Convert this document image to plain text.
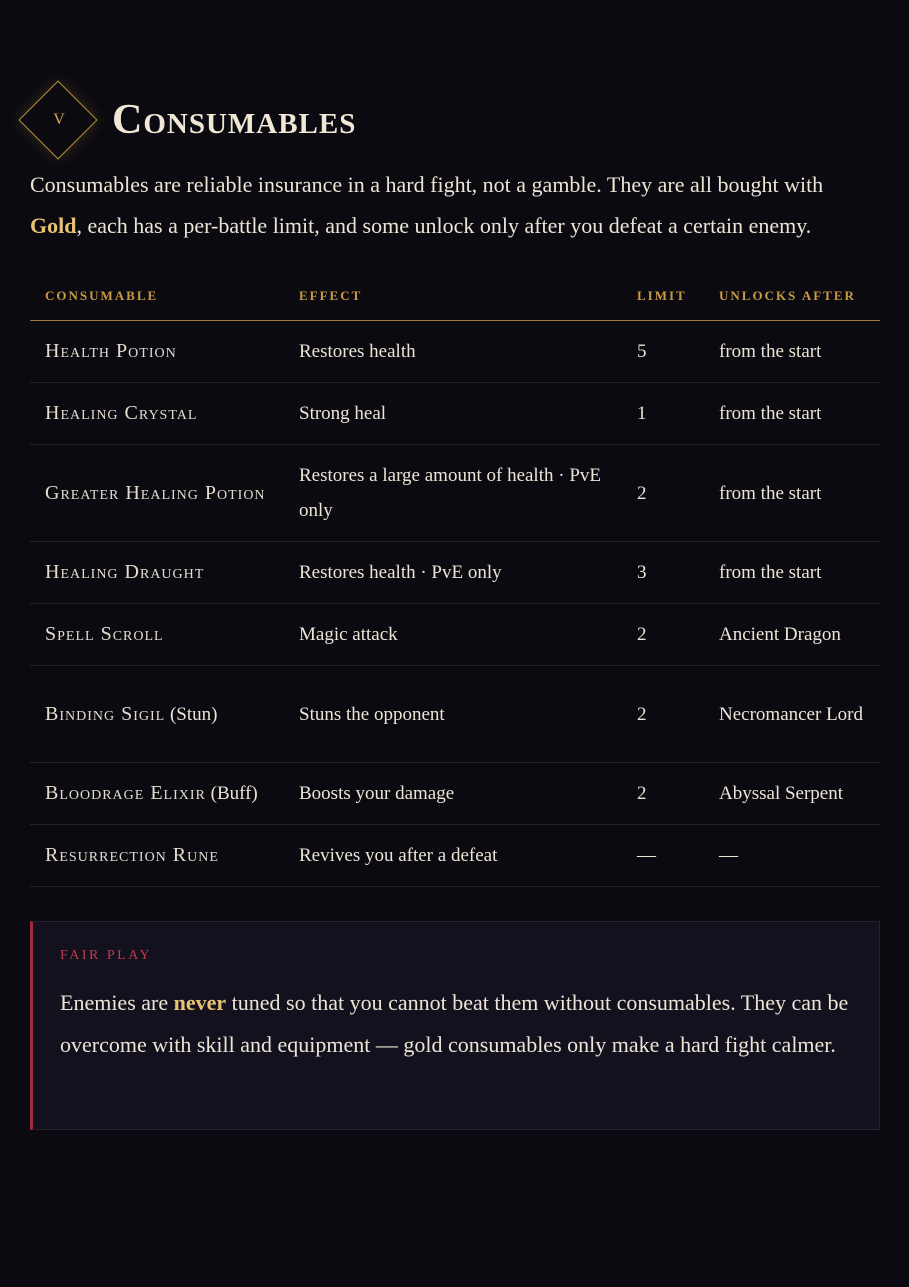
V	Consumables

Consumables are reliable insurance in a hard fight, not a gamble. They are all bought with Gold, each has a per-battle limit, and some unlock only after you defeat a certain enemy.

CONSUMABLE	EFFECT	LIMIT	UNLOCKS AFTER
Health Potion	Restores health	5	from the start
Healing Crystal	Strong heal	1	from the start
Greater Healing Potion	Restores a large amount of health · PvE only	2	from the start
Healing Draught	Restores health · PvE only	3	from the start
Spell Scroll	Magic attack	2	Ancient Dragon
Binding Sigil (Stun)	Stuns the opponent	2	Necromancer Lord
Bloodrage Elixir (Buff)	Boosts your damage	2	Abyssal Serpent
Resurrection Rune	Revives you after a defeat	—	—
FAIR PLAY
Enemies are never tuned so that you cannot beat them without consumables. They can be overcome with skill and equipment — gold consumables only make a hard fight calmer.
